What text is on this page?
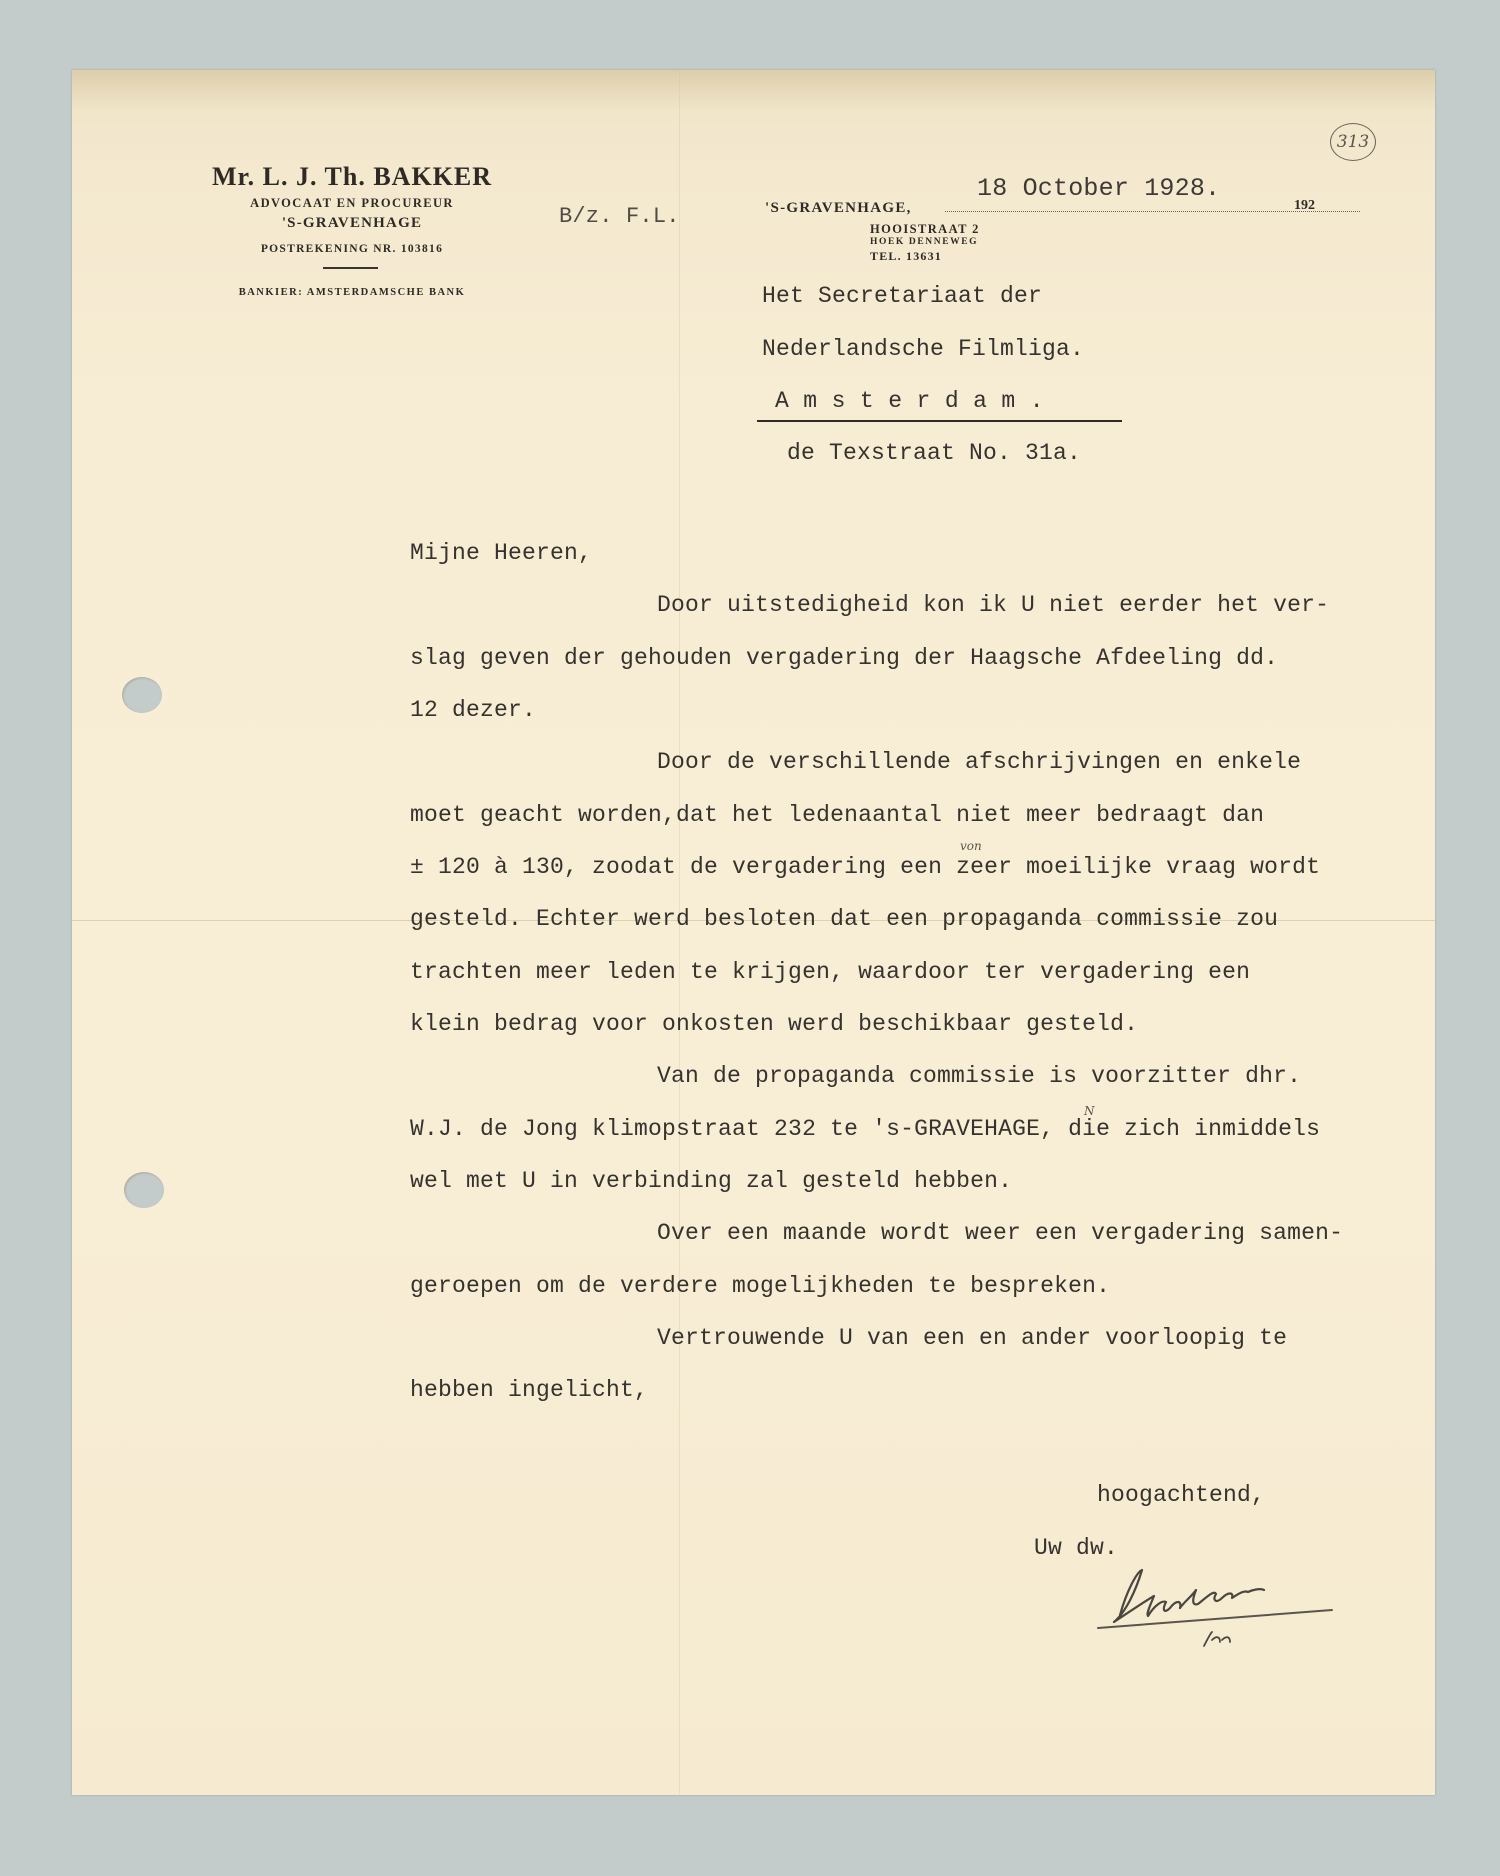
313
Mr. L. J. Th. BAKKER
ADVOCAAT EN PROCUREUR
'S-GRAVENHAGE
POSTREKENING NR. 103816
BANKIER: AMSTERDAMSCHE BANK
'S-GRAVENHAGE,	192
HOOISTRAAT 2
HOEK DENNEWEG
TEL. 13631
18 October 1928.
B/z. F.L.
Het Secretariaat der
Nederlandsche Filmliga.
Amsterdam.
de Texstraat No. 31a.
Mijne Heeren,
Door uitstedigheid kon ik U niet eerder het ver-
slag geven der gehouden vergadering der Haagsche Afdeeling dd.
12 dezer.
Door de verschillende afschrijvingen en enkele
moet geacht worden,dat het ledenaantal niet meer bedraagt dan
± 120 à 130, zoodat de vergadering een zeer moeilijke vraag wordt
von
gesteld. Echter werd besloten dat een propaganda commissie zou
trachten meer leden te krijgen, waardoor ter vergadering een
klein bedrag voor onkosten werd beschikbaar gesteld.
Van de propaganda commissie is voorzitter dhr.
W.J. de Jong klimopstraat 232 te 's-GRAVEHAGE, die zich inmiddels
N
wel met U in verbinding zal gesteld hebben.
Over een maande wordt weer een vergadering samen-
geroepen om de verdere mogelijkheden te bespreken.
Vertrouwende U van een en ander voorloopig te
hebben ingelicht,
hoogachtend,
Uw dw.
